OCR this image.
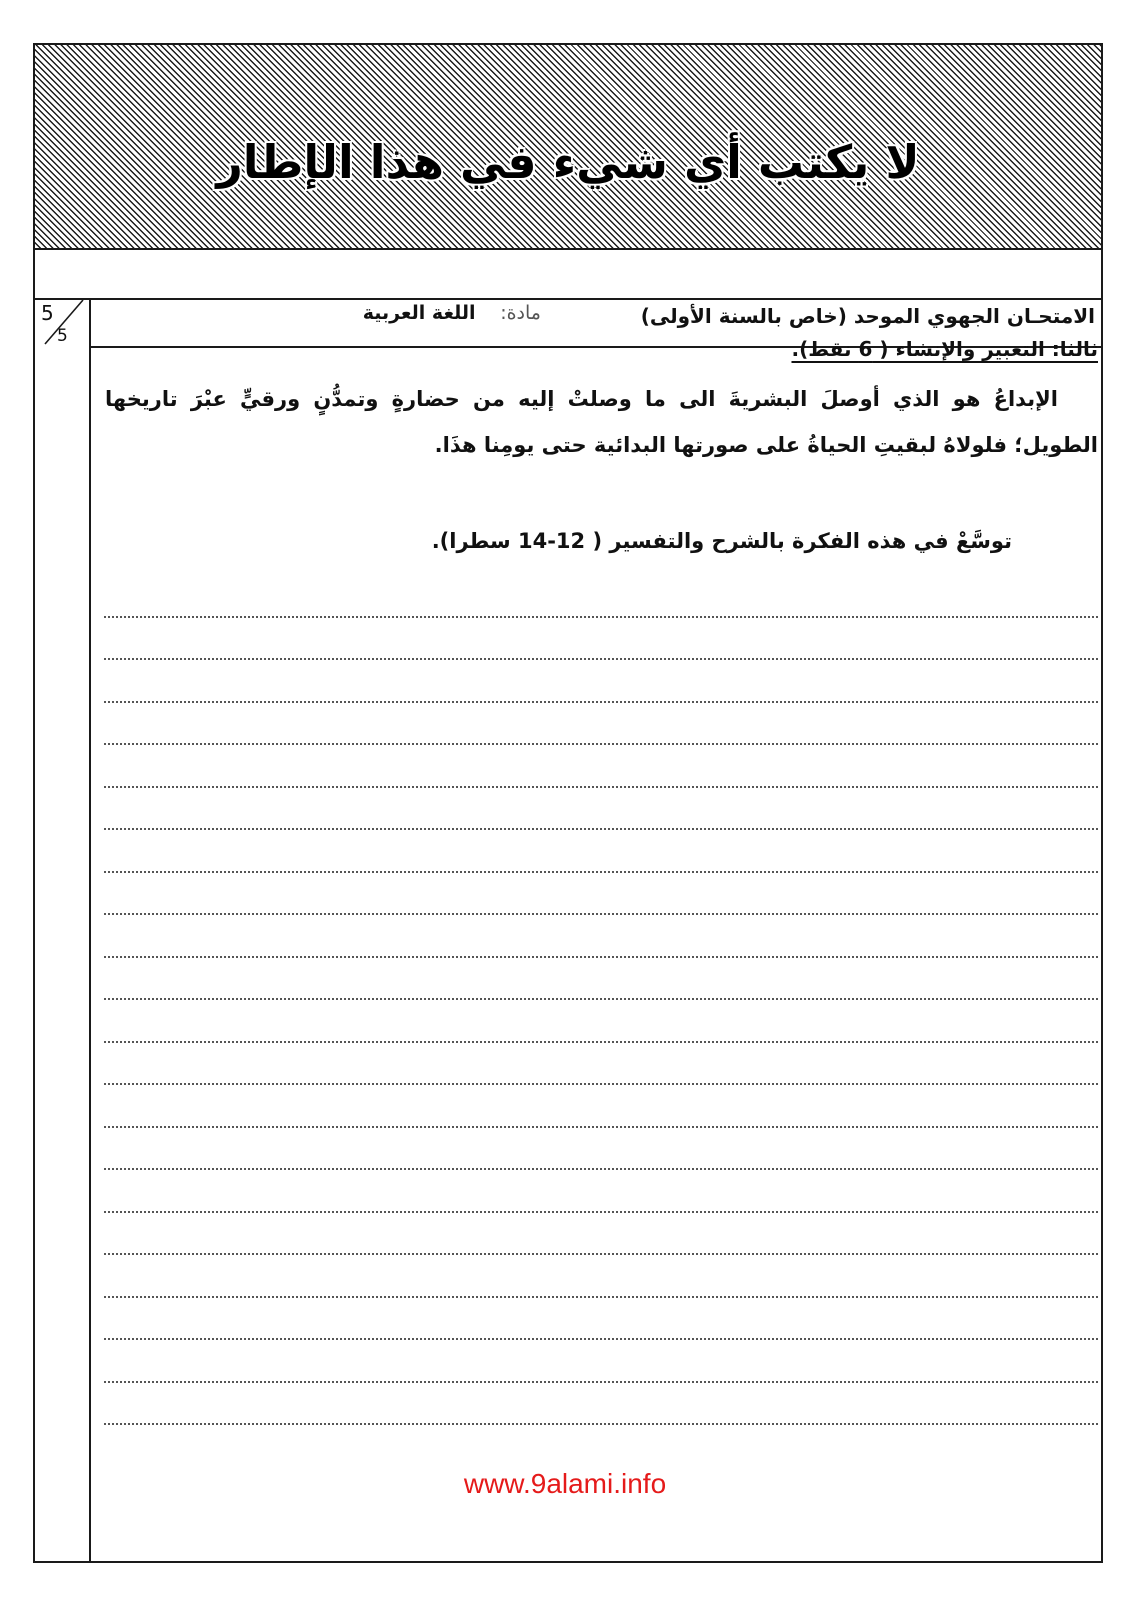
لا يكتب أي شيء في هذا الإطار
5
5
الامتحـان الجهوي الموحد (خاص بالسنة الأولى)
مادة: اللغة العربية
ثالثا: التعبير والإنشاء ( 6 نقط).
الإبداعُ هو الذي أوصلَ البشريةَ الى ما وصلتْ إليه من حضارةٍ وتمدُّنٍ ورقيٍّ عبْرَ تاريخها الطويل؛ فلولاهُ لبقيتِ الحياةُ على صورتها البدائية حتى يومِنا هذَا.
توسَّعْ في هذه الفكرة بالشرح والتفسير ( 12-14 سطرا).
www.9alami.info
